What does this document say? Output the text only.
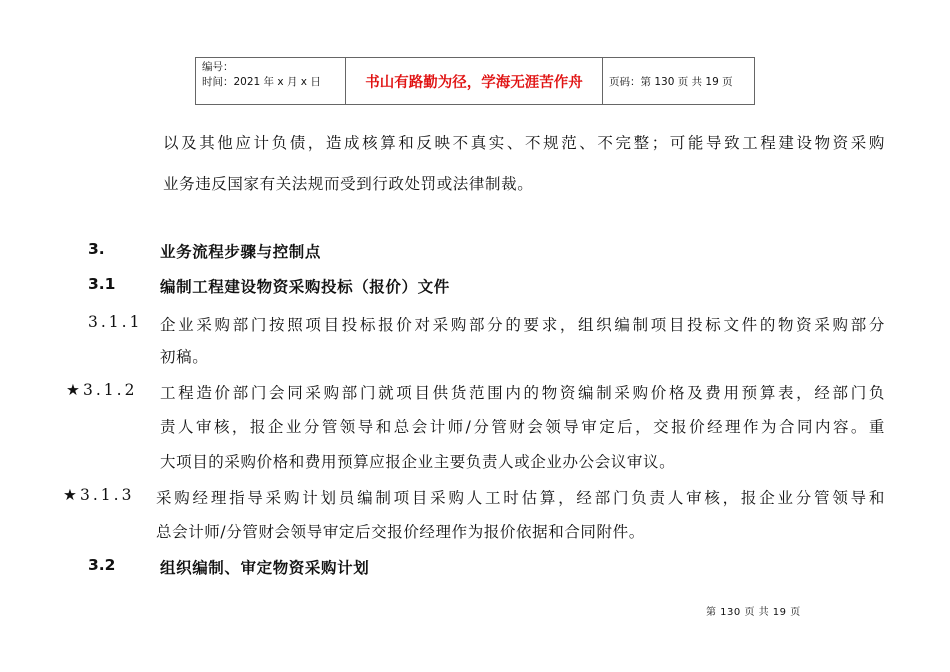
编号：
时间：2021 年 x 月 x 日	书山有路勤为径，学海无涯苦作舟	页码：第 130 页 共 19 页
以及其他应计负债，造成核算和反映不真实、不规范、不完整；可能导致工程建设物资采购
业务违反国家有关法规而受到行政处罚或法律制裁。
3.	业务流程步骤与控制点
3.1	编制工程建设物资采购投标（报价）文件
3.1.1 企业采购部门按照项目投标报价对采购部分的要求，组织编制项目投标文件的物资采购部分
初稿。
★ 3.1.2 工程造价部门会同采购部门就项目供货范围内的物资编制采购价格及费用预算表，经部门负
责人审核，报企业分管领导和总会计师/分管财会领导审定后，交报价经理作为合同内容。重
大项目的采购价格和费用预算应报企业主要负责人或企业办公会议审议。
★ 3.1.3 采购经理指导采购计划员编制项目采购人工时估算，经部门负责人审核，报企业分管领导和
总会计师/分管财会领导审定后交报价经理作为报价依据和合同附件。
3.2	组织编制、审定物资采购计划
第 130 页 共 19 页
